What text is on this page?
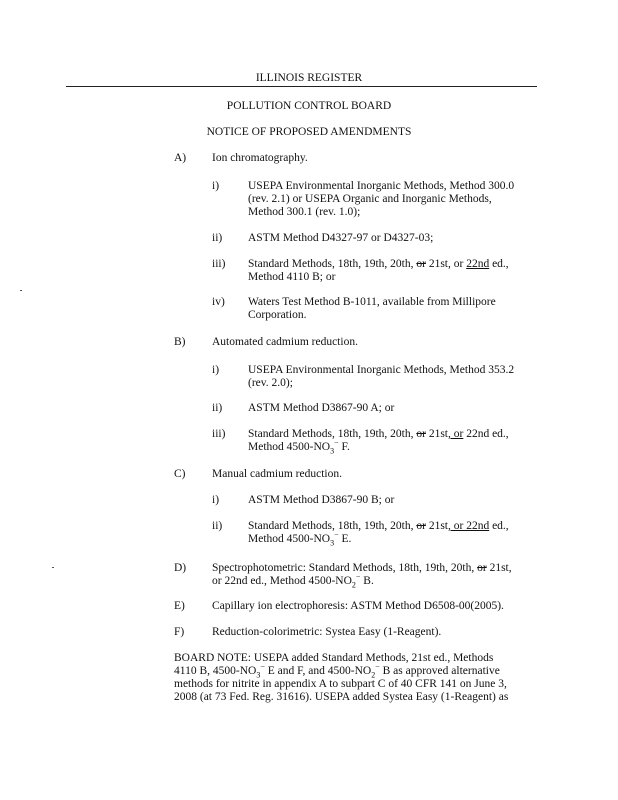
ILLINOIS REGISTER
POLLUTION CONTROL BOARD
NOTICE OF PROPOSED AMENDMENTS
A) Ion chromatography.
i)	USEPA Environmental Inorganic Methods, Method 300.0
(rev. 2.1) or USEPA Organic and Inorganic Methods,
Method 300.1 (rev. 1.0);
ii) ASTM Method D4327-97 or D4327-03;
iii) Standard Methods, 18th, 19th, 20th, or 21st, or 22nd ed.,
Method 4110 B; or
iv) Waters Test Method B-1011, available from Millipore
Corporation.
B) Automated cadmium reduction.
i)	USEPA Environmental Inorganic Methods, Method 353.2
(rev. 2.0);
ii) ASTM Method D3867-90 A; or
iii) Standard Methods, 18th, 19th, 20th, or 21st, or 22nd ed.,
Method $4500-NO_3^-$ F.
C) Manual cadmium reduction.
i)	ASTM Method D3867-90 B; or
ii) Standard Methods, 18th, 19th, 20th, or 21st, or 22nd ed.,
Method $4500-NO_3^-$ E.
D) Spectrophotometric: Standard Methods, 18th, 19th, 20th, or 21st,
or 22nd ed., Method $4500-NO_2^-$ B.
E) Capillary ion electrophoresis: ASTM Method D6508-00(2005).
F) Reduction-colorimetric: Systea Easy (1-Reagent).
BOARD NOTE: USEPA added Standard Methods, 21st ed., Methods
4110 B, $4500-NO_3^-$ E and F, and $4500-NO_2^-$ B as approved alternative
methods for nitrite in appendix A to subpart C of 40 CFR 141 on June 3,
2008 (at 73 Fed. Reg. 31616). USEPA added Systea Easy (1-Reagent) as
